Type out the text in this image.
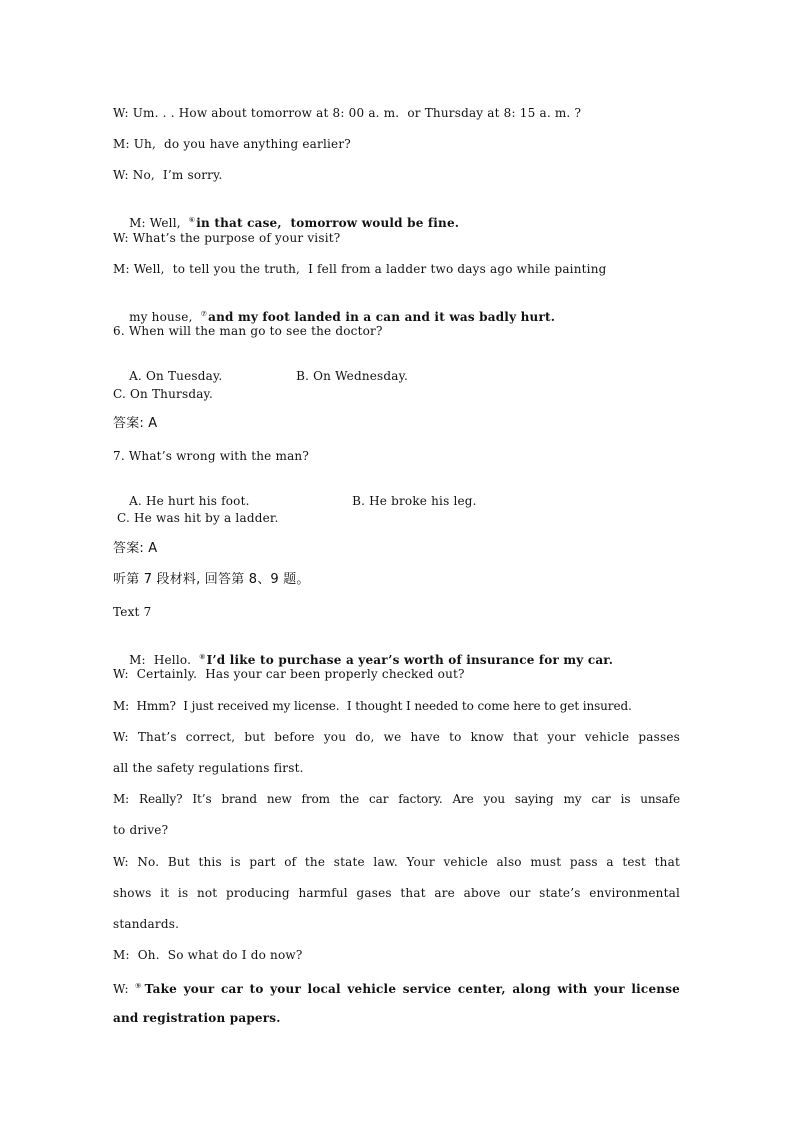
W: Um. . . How about tomorrow at 8: 00 a. m.  or Thursday at 8: 15 a. m. ?
M: Uh,  do you have anything earlier?
W: No,  I’m sorry.

M: Well,  ⑥in that case,  tomorrow would be fine.

W: What’s the purpose of your visit?
M: Well,  to tell you the truth,  I fell from a ladder two days ago while painting

my house,  ⑦and my foot landed in a can and it was badly hurt.

6. When will the man go to see the doctor?

A. On Tuesday.	B. On Wednesday.

C. On Thursday.
答案: A
7. What’s wrong with the man?

A. He hurt his foot.	B. He broke his leg.

C. He was hit by a ladder.
答案: A
听第 7 段材料, 回答第 8、9 题。
Text 7

M:  Hello.  ⑧I’d like to purchase a year’s worth of insurance for my car.

W:  Certainly.  Has your car been properly checked out?
M:  Hmm?  I just received my license.  I thought I needed to come here to get insured.
W: That’s correct, but before you do, we have to know that your vehicle passes
all the safety regulations first.
M: Really? It’s brand new from the car factory. Are you saying my car is unsafe
to drive?
W: No. But this is part of the state law. Your vehicle also must pass a test that
shows it is not producing harmful gases that are above our state’s environmental
standards.
M:  Oh.  So what do I do now?
W: ⑨Take your car to your local vehicle service center, along with your license
and registration papers.
